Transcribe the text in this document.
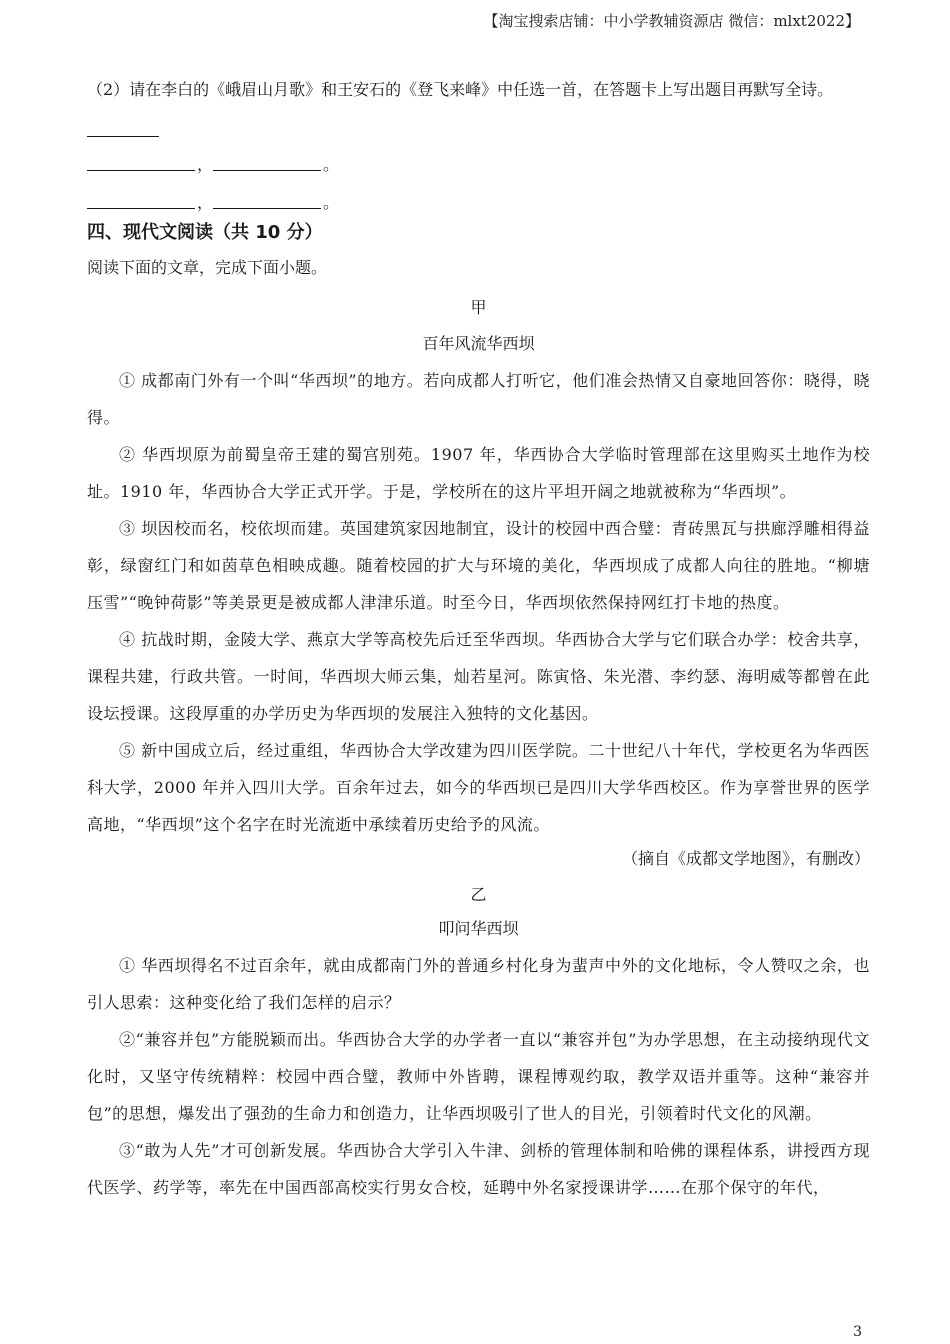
【淘宝搜索店铺：中小学教辅资源店 微信：mlxt2022】
（2）请在李白的《峨眉山月歌》和王安石的《登飞来峰》中任选一首，在答题卡上写出题目再默写全诗。
，	。
，	。
四、现代文阅读（共 10 分）
阅读下面的文章，完成下面小题。
甲
百年风流华西坝
① 成都南门外有一个叫“华西坝”的地方。若向成都人打听它，他们准会热情又自豪地回答你：晓得，晓得。
② 华西坝原为前蜀皇帝王建的蜀宫别苑。1907 年，华西协合大学临时管理部在这里购买土地作为校址。1910 年，华西协合大学正式开学。于是，学校所在的这片平坦开阔之地就被称为“华西坝”。
③ 坝因校而名，校依坝而建。英国建筑家因地制宜，设计的校园中西合璧：青砖黑瓦与拱廊浮雕相得益彰，绿窗红门和如茵草色相映成趣。随着校园的扩大与环境的美化，华西坝成了成都人向往的胜地。“柳塘压雪”“晚钟荷影”等美景更是被成都人津津乐道。时至今日，华西坝依然保持网红打卡地的热度。
④ 抗战时期，金陵大学、燕京大学等高校先后迁至华西坝。华西协合大学与它们联合办学：校舍共享，课程共建，行政共管。一时间，华西坝大师云集，灿若星河。陈寅恪、朱光潜、李约瑟、海明威等都曾在此设坛授课。这段厚重的办学历史为华西坝的发展注入独特的文化基因。
⑤ 新中国成立后，经过重组，华西协合大学改建为四川医学院。二十世纪八十年代，学校更名为华西医科大学，2000 年并入四川大学。百余年过去，如今的华西坝已是四川大学华西校区。作为享誉世界的医学高地，“华西坝”这个名字在时光流逝中承续着历史给予的风流。
（摘自《成都文学地图》，有删改）
乙
叩问华西坝
① 华西坝得名不过百余年，就由成都南门外的普通乡村化身为蜚声中外的文化地标，令人赞叹之余，也引人思索：这种变化给了我们怎样的启示？
②“兼容并包”方能脱颖而出。华西协合大学的办学者一直以“兼容并包”为办学思想，在主动接纳现代文化时，又坚守传统精粹：校园中西合璧，教师中外皆聘，课程博观约取，教学双语并重等。这种“兼容并包”的思想，爆发出了强劲的生命力和创造力，让华西坝吸引了世人的目光，引领着时代文化的风潮。
③“敢为人先”才可创新发展。华西协合大学引入牛津、剑桥的管理体制和哈佛的课程体系，讲授西方现代医学、药学等，率先在中国西部高校实行男女合校，延聘中外名家授课讲学……在那个保守的年代，
3
